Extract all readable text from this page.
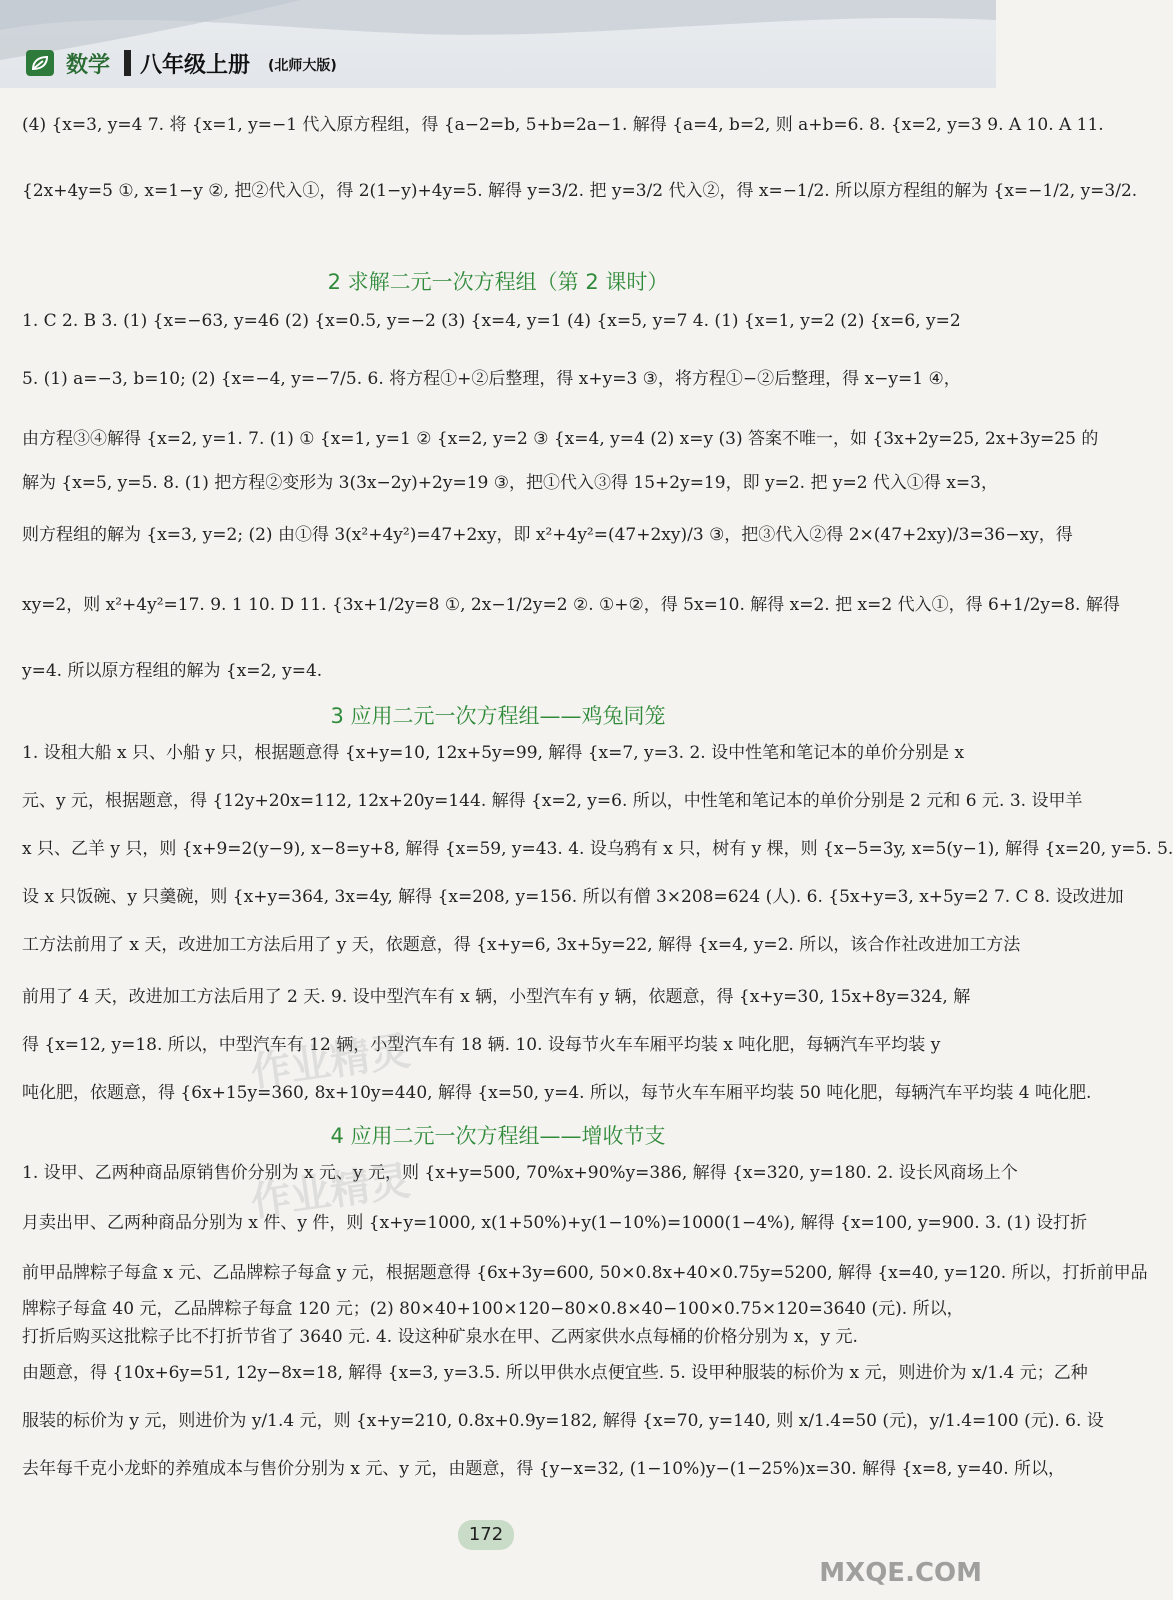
数学 八年级上册 (北师大版)
(4) {x=3, y=4 7. 将 {x=1, y=−1 代入原方程组，得 {a−2=b, 5+b=2a−1. 解得 {a=4, b=2, 则 a+b=6. 8. {x=2, y=3 9. A 10. A 11.
{2x+4y=5 ①, x=1−y ②, 把②代入①，得 2(1−y)+4y=5. 解得 y=3/2. 把 y=3/2 代入②，得 x=−1/2. 所以原方程组的解为 {x=−1/2, y=3/2.
2 求解二元一次方程组（第 2 课时）
1. C 2. B 3. (1) {x=−63, y=46 (2) {x=0.5, y=−2 (3) {x=4, y=1 (4) {x=5, y=7 4. (1) {x=1, y=2 (2) {x=6, y=2
5. (1) a=−3, b=10; (2) {x=−4, y=−7/5. 6. 将方程①+②后整理，得 x+y=3 ③，将方程①−②后整理，得 x−y=1 ④，
由方程③④解得 {x=2, y=1. 7. (1) ① {x=1, y=1 ② {x=2, y=2 ③ {x=4, y=4 (2) x=y (3) 答案不唯一，如 {3x+2y=25, 2x+3y=25 的
解为 {x=5, y=5. 8. (1) 把方程②变形为 3(3x−2y)+2y=19 ③，把①代入③得 15+2y=19，即 y=2. 把 y=2 代入①得 x=3，
则方程组的解为 {x=3, y=2; (2) 由①得 3(x²+4y²)=47+2xy，即 x²+4y²=(47+2xy)/3 ③，把③代入②得 2×(47+2xy)/3=36−xy，得
xy=2，则 x²+4y²=17. 9. 1 10. D 11. {3x+1/2y=8 ①, 2x−1/2y=2 ②. ①+②，得 5x=10. 解得 x=2. 把 x=2 代入①，得 6+1/2y=8. 解得
y=4. 所以原方程组的解为 {x=2, y=4.
3 应用二元一次方程组——鸡兔同笼
1. 设租大船 x 只、小船 y 只，根据题意得 {x+y=10, 12x+5y=99, 解得 {x=7, y=3. 2. 设中性笔和笔记本的单价分别是 x
元、y 元，根据题意，得 {12y+20x=112, 12x+20y=144. 解得 {x=2, y=6. 所以，中性笔和笔记本的单价分别是 2 元和 6 元. 3. 设甲羊
x 只、乙羊 y 只，则 {x+9=2(y−9), x−8=y+8, 解得 {x=59, y=43. 4. 设乌鸦有 x 只，树有 y 棵，则 {x−5=3y, x=5(y−1), 解得 {x=20, y=5. 5.
设 x 只饭碗、y 只羹碗，则 {x+y=364, 3x=4y, 解得 {x=208, y=156. 所以有僧 3×208=624 (人). 6. {5x+y=3, x+5y=2 7. C 8. 设改进加
工方法前用了 x 天，改进加工方法后用了 y 天，依题意，得 {x+y=6, 3x+5y=22, 解得 {x=4, y=2. 所以，该合作社改进加工方法
前用了 4 天，改进加工方法后用了 2 天. 9. 设中型汽车有 x 辆，小型汽车有 y 辆，依题意，得 {x+y=30, 15x+8y=324, 解
得 {x=12, y=18. 所以，中型汽车有 12 辆，小型汽车有 18 辆. 10. 设每节火车车厢平均装 x 吨化肥，每辆汽车平均装 y
吨化肥，依题意，得 {6x+15y=360, 8x+10y=440, 解得 {x=50, y=4. 所以，每节火车车厢平均装 50 吨化肥，每辆汽车平均装 4 吨化肥.
4 应用二元一次方程组——增收节支
1. 设甲、乙两种商品原销售价分别为 x 元、y 元，则 {x+y=500, 70%x+90%y=386, 解得 {x=320, y=180. 2. 设长风商场上个
月卖出甲、乙两种商品分别为 x 件、y 件，则 {x+y=1000, x(1+50%)+y(1−10%)=1000(1−4%), 解得 {x=100, y=900. 3. (1) 设打折
前甲品牌粽子每盒 x 元、乙品牌粽子每盒 y 元，根据题意得 {6x+3y=600, 50×0.8x+40×0.75y=5200, 解得 {x=40, y=120. 所以，打折前甲品
牌粽子每盒 40 元，乙品牌粽子每盒 120 元；(2) 80×40+100×120−80×0.8×40−100×0.75×120=3640 (元). 所以，
打折后购买这批粽子比不打折节省了 3640 元. 4. 设这种矿泉水在甲、乙两家供水点每桶的价格分别为 x，y 元.
由题意，得 {10x+6y=51, 12y−8x=18, 解得 {x=3, y=3.5. 所以甲供水点便宜些. 5. 设甲种服装的标价为 x 元，则进价为 x/1.4 元；乙种
服装的标价为 y 元，则进价为 y/1.4 元，则 {x+y=210, 0.8x+0.9y=182, 解得 {x=70, y=140, 则 x/1.4=50 (元)，y/1.4=100 (元). 6. 设
去年每千克小龙虾的养殖成本与售价分别为 x 元、y 元，由题意，得 {y−x=32, (1−10%)y−(1−25%)x=30. 解得 {x=8, y=40. 所以，
作业精灵
作业精灵
172
MXQE.COM
